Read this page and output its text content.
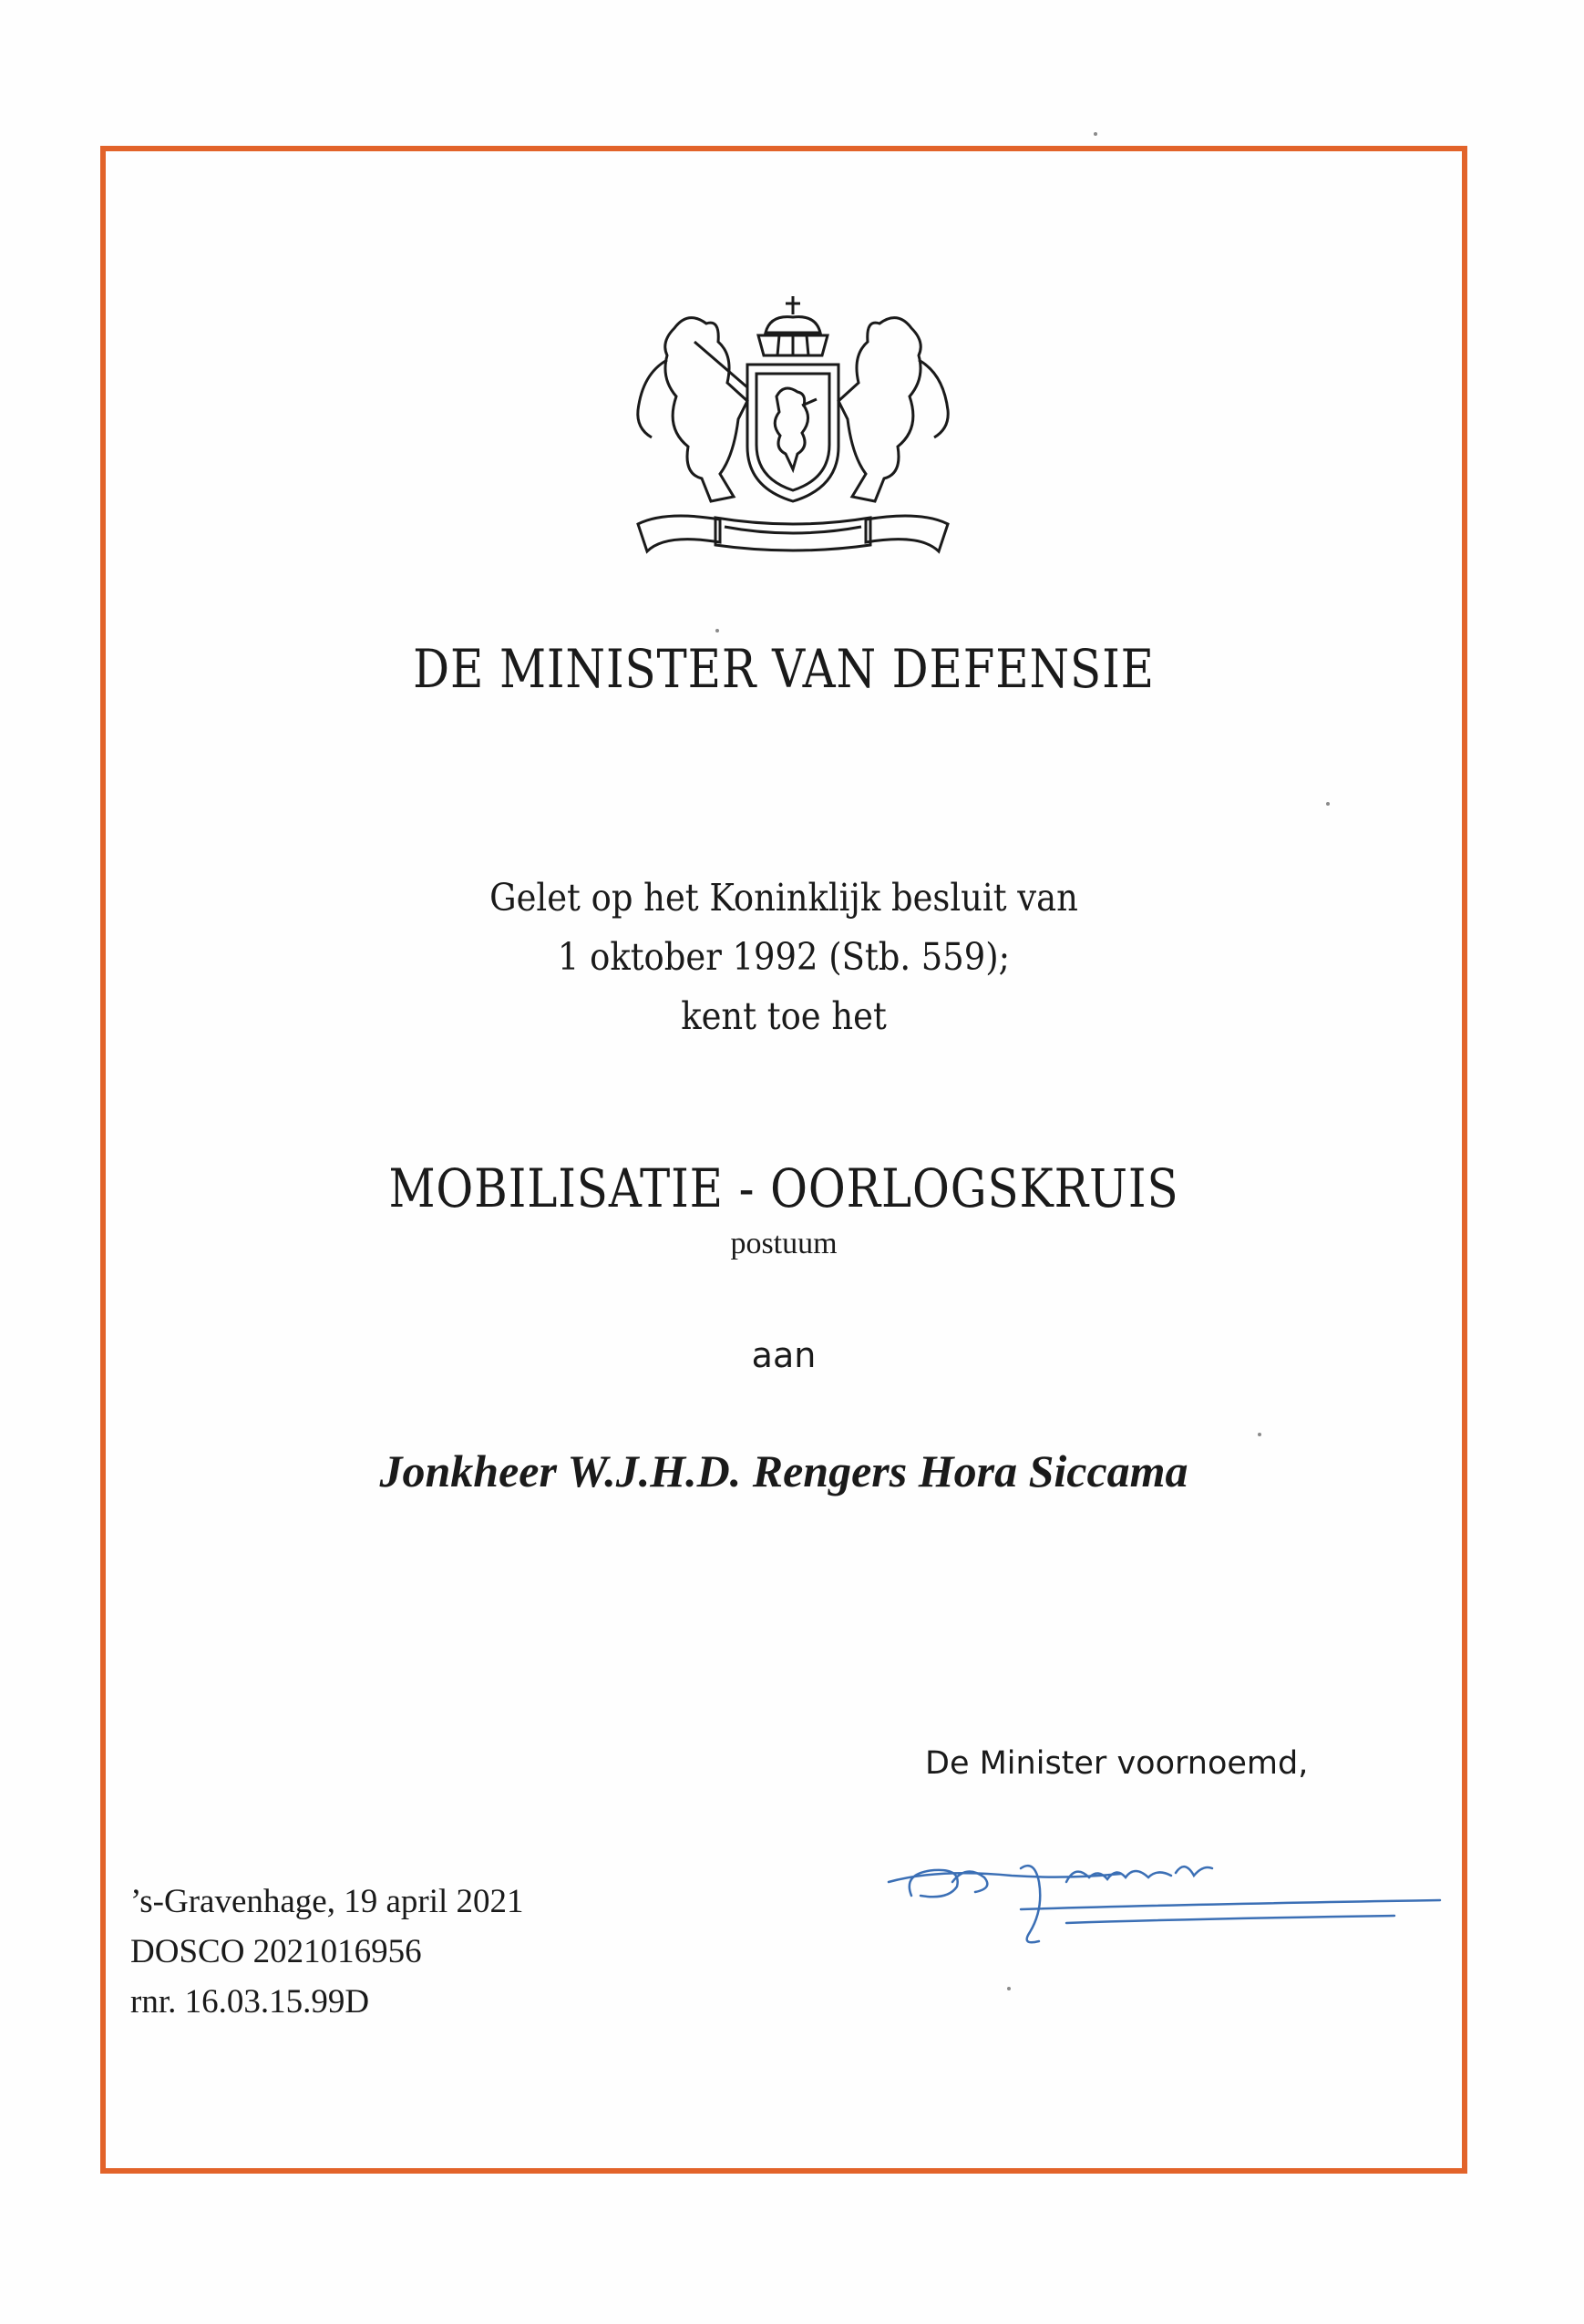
DE MINISTER VAN DEFENSIE
Gelet op het Koninklijk besluit van
1 oktober 1992 (Stb. 559);
kent toe het
MOBILISATIE - OORLOGSKRUIS
postuum
aan
Jonkheer W.J.H.D. Rengers Hora Siccama
De Minister voornoemd,
’s-Gravenhage, 19 april 2021
DOSCO 2021016956
rnr. 16.03.15.99D
